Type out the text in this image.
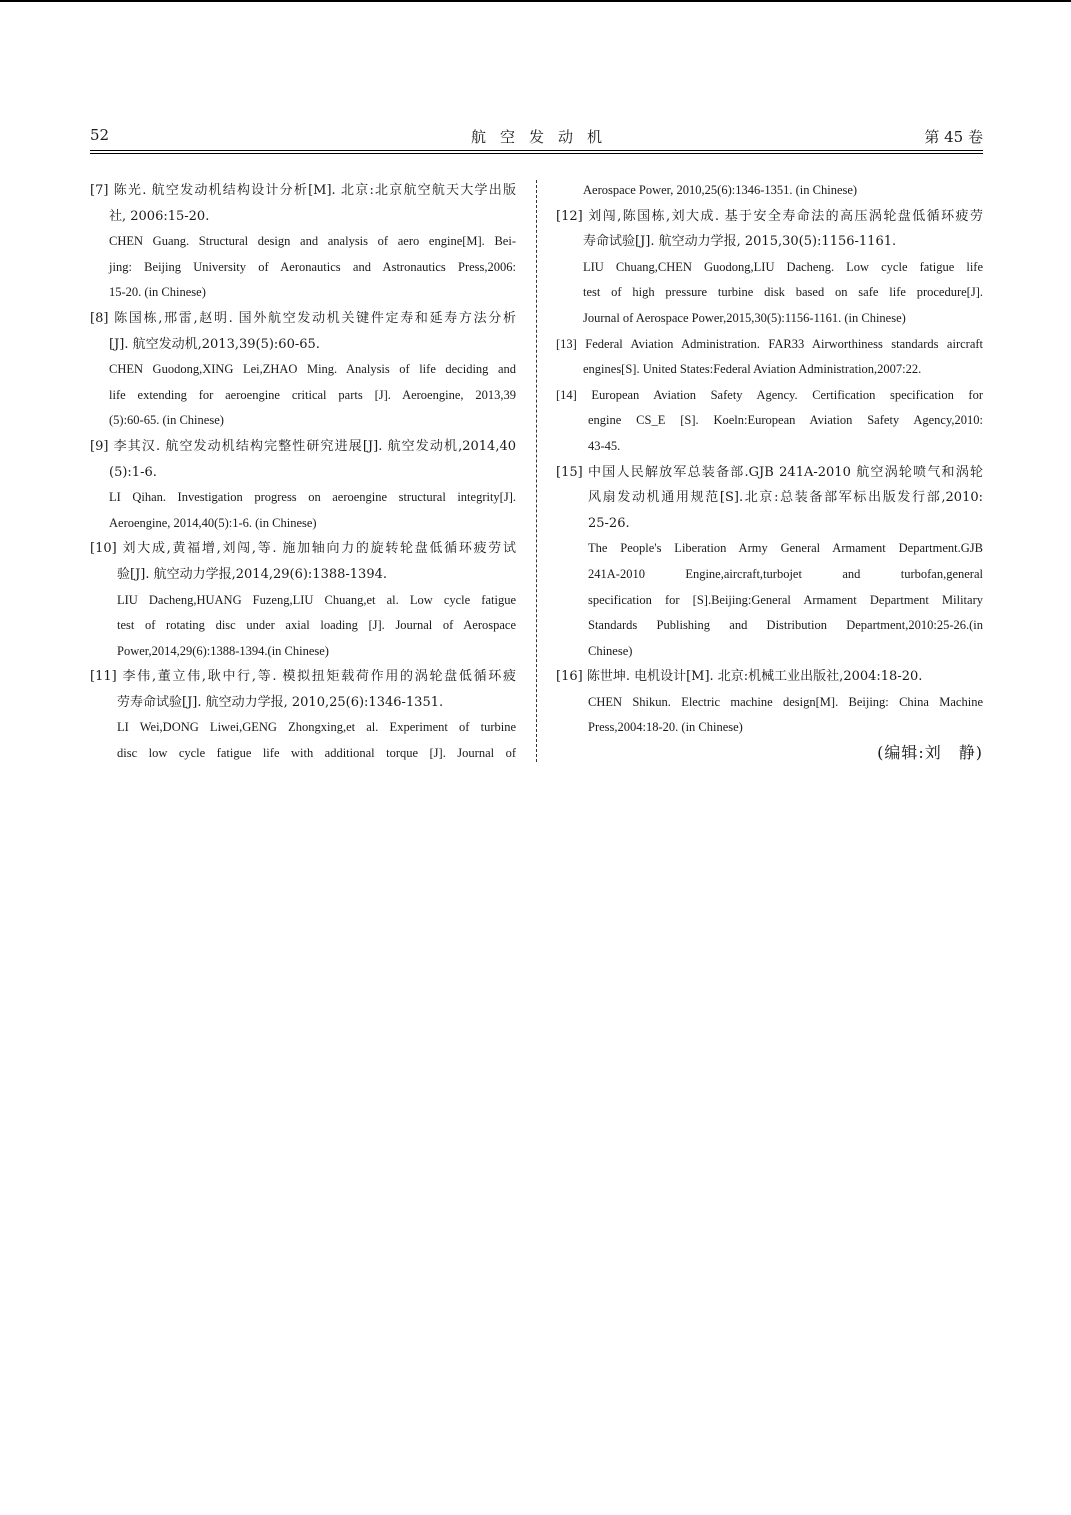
52	航空发动机	第 45 卷
[7] 陈光. 航空发动机结构设计分析[M]. 北京:北京航空航天大学出版
社, 2006:15-20.
CHEN Guang. Structural design and analysis of aero engine[M]. Bei-
jing: Beijing University of Aeronautics and Astronautics Press,2006:
15-20. (in Chinese)
[8] 陈国栋,邢雷,赵明. 国外航空发动机关键件定寿和延寿方法分析
[J]. 航空发动机,2013,39(5):60-65.
CHEN Guodong,XING Lei,ZHAO Ming. Analysis of life deciding and
life extending for aeroengine critical parts [J]. Aeroengine, 2013,39
(5):60-65. (in Chinese)
[9] 李其汉. 航空发动机结构完整性研究进展[J]. 航空发动机,2014,40
(5):1-6.
LI Qihan. Investigation progress on aeroengine structural integrity[J].
Aeroengine, 2014,40(5):1-6. (in Chinese)
[10] 刘大成,黄福增,刘闯,等. 施加轴向力的旋转轮盘低循环疲劳试
验[J]. 航空动力学报,2014,29(6):1388-1394.
LIU Dacheng,HUANG Fuzeng,LIU Chuang,et al. Low cycle fatigue
test of rotating disc under axial loading [J]. Journal of Aerospace
Power,2014,29(6):1388-1394.(in Chinese)
[11] 李伟,董立伟,耿中行,等. 模拟扭矩载荷作用的涡轮盘低循环疲
劳寿命试验[J]. 航空动力学报, 2010,25(6):1346-1351.
LI Wei,DONG Liwei,GENG Zhongxing,et al. Experiment of turbine
disc low cycle fatigue life with additional torque [J]. Journal of
Aerospace Power, 2010,25(6):1346-1351. (in Chinese)
[12] 刘闯,陈国栋,刘大成. 基于安全寿命法的高压涡轮盘低循环疲劳
寿命试验[J]. 航空动力学报, 2015,30(5):1156-1161.
LIU Chuang,CHEN Guodong,LIU Dacheng. Low cycle fatigue life
test of high pressure turbine disk based on safe life procedure[J].
Journal of Aerospace Power,2015,30(5):1156-1161. (in Chinese)
[13] Federal Aviation Administration. FAR33 Airworthiness standards aircraft
engines[S]. United States:Federal Aviation Administration,2007:22.
[14] European Aviation Safety Agency. Certification specification for
engine CS_E [S]. Koeln:European Aviation Safety Agency,2010:
43-45.
[15] 中国人民解放军总装备部.GJB 241A-2010 航空涡轮喷气和涡轮
风扇发动机通用规范[S].北京:总装备部军标出版发行部,2010:
25-26.
The People's Liberation Army General Armament Department.GJB
241A-2010 Engine,aircraft,turbojet and turbofan,general
specification for [S].Beijing:General Armament Department Military
Standards Publishing and Distribution Department,2010:25-26.(in
Chinese)
[16] 陈世坤. 电机设计[M]. 北京:机械工业出版社,2004:18-20.
CHEN Shikun. Electric machine design[M]. Beijing: China Machine
Press,2004:18-20. (in Chinese)
(编辑:刘　静)
